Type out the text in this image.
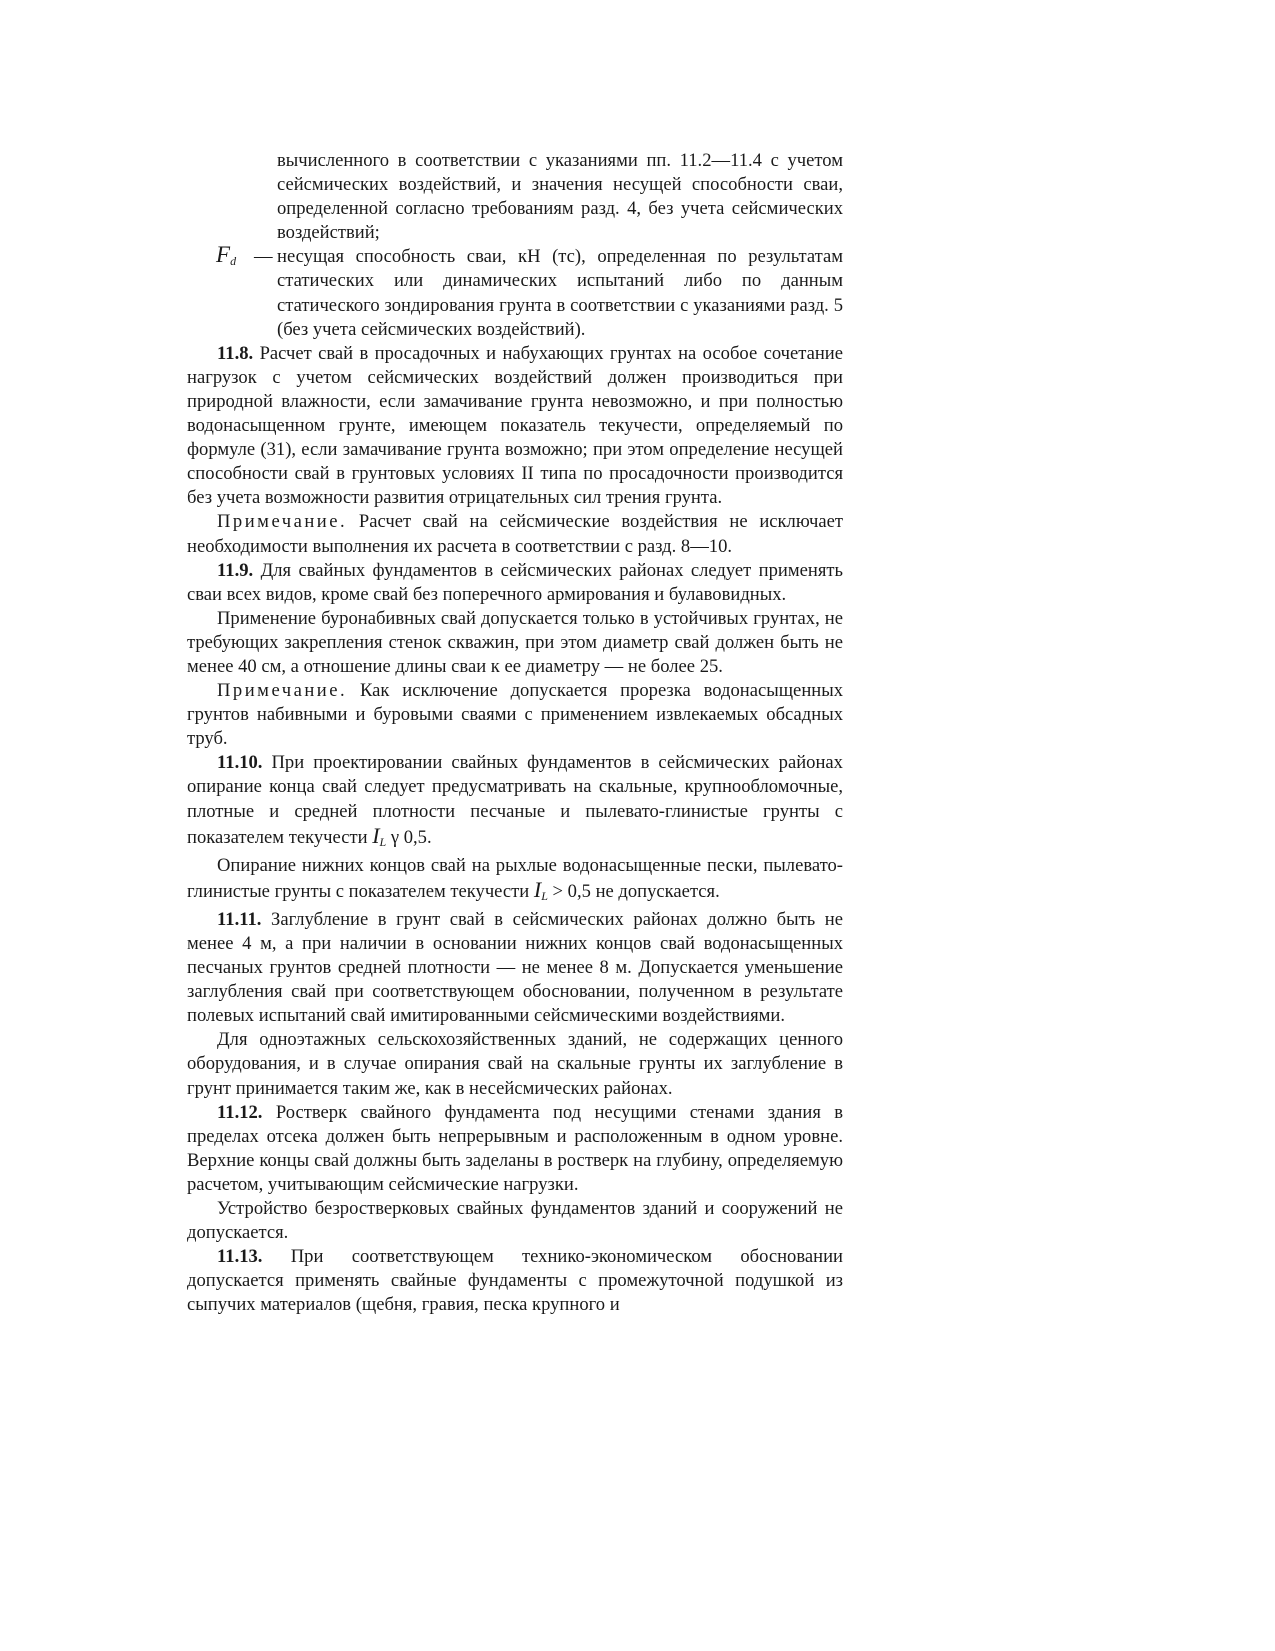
вычисленного в соответствии с указаниями пп. 11.2—11.4 с учетом сейсмических воздействий, и значения несущей способности сваи, определенной согласно требованиям разд. 4, без учета сейсмических воздействий;

$F_d$ — несущая способность сваи, кН (тс), определенная по результатам статических или динамических испытаний либо по данным статического зондирования грунта в соответствии с указаниями разд. 5 (без учета сейсмических воздействий).

11.8. Расчет свай в просадочных и набухающих грунтах на особое сочетание нагрузок с учетом сейсмических воздействий должен производиться при природной влажности, если замачивание грунта невозможно, и при полностью водонасыщенном грунте, имеющем показатель текучести, определяемый по формуле (31), если замачивание грунта возможно; при этом определение несущей способности свай в грунтовых условиях II типа по просадочности производится без учета возможности развития отрицательных сил трения грунта.

Примечание. Расчет свай на сейсмические воздействия не исключает необходимости выполнения их расчета в соответствии с разд. 8—10.

11.9. Для свайных фундаментов в сейсмических районах следует применять сваи всех видов, кроме свай без поперечного армирования и булавовидных.

Применение буронабивных свай допускается только в устойчивых грунтах, не требующих закрепления стенок скважин, при этом диаметр свай должен быть не менее 40 см, а отношение длины сваи к ее диаметру — не более 25.

Примечание. Как исключение допускается прорезка водонасыщенных грунтов набивными и буровыми сваями с применением извлекаемых обсадных труб.

11.10. При проектировании свайных фундаментов в сейсмических районах опирание конца свай следует предусматривать на скальные, крупнообломочные, плотные и средней плотности песчаные и пылевато-глинистые грунты с показателем текучести $I_L$ γ 0,5.

Опирание нижних концов свай на рыхлые водонасыщенные пески, пылевато-глинистые грунты с показателем текучести $I_L > 0,5$ не допускается.

11.11. Заглубление в грунт свай в сейсмических районах должно быть не менее 4 м, а при наличии в основании нижних концов свай водонасыщенных песчаных грунтов средней плотности — не менее 8 м. Допускается уменьшение заглубления свай при соответствующем обосновании, полученном в результате полевых испытаний свай имитированными сейсмическими воздействиями.

Для одноэтажных сельскохозяйственных зданий, не содержащих ценного оборудования, и в случае опирания свай на скальные грунты их заглубление в грунт принимается таким же, как в несейсмических районах.

11.12. Ростверк свайного фундамента под несущими стенами здания в пределах отсека должен быть непрерывным и расположенным в одном уровне. Верхние концы свай должны быть заделаны в ростверк на глубину, определяемую расчетом, учитывающим сейсмические нагрузки.

Устройство безростверковых свайных фундаментов зданий и сооружений не допускается.

11.13. При соответствующем технико-экономическом обосновании допускается применять свайные фундаменты с промежуточной подушкой из сыпучих материалов (щебня, гравия, песка крупного и
